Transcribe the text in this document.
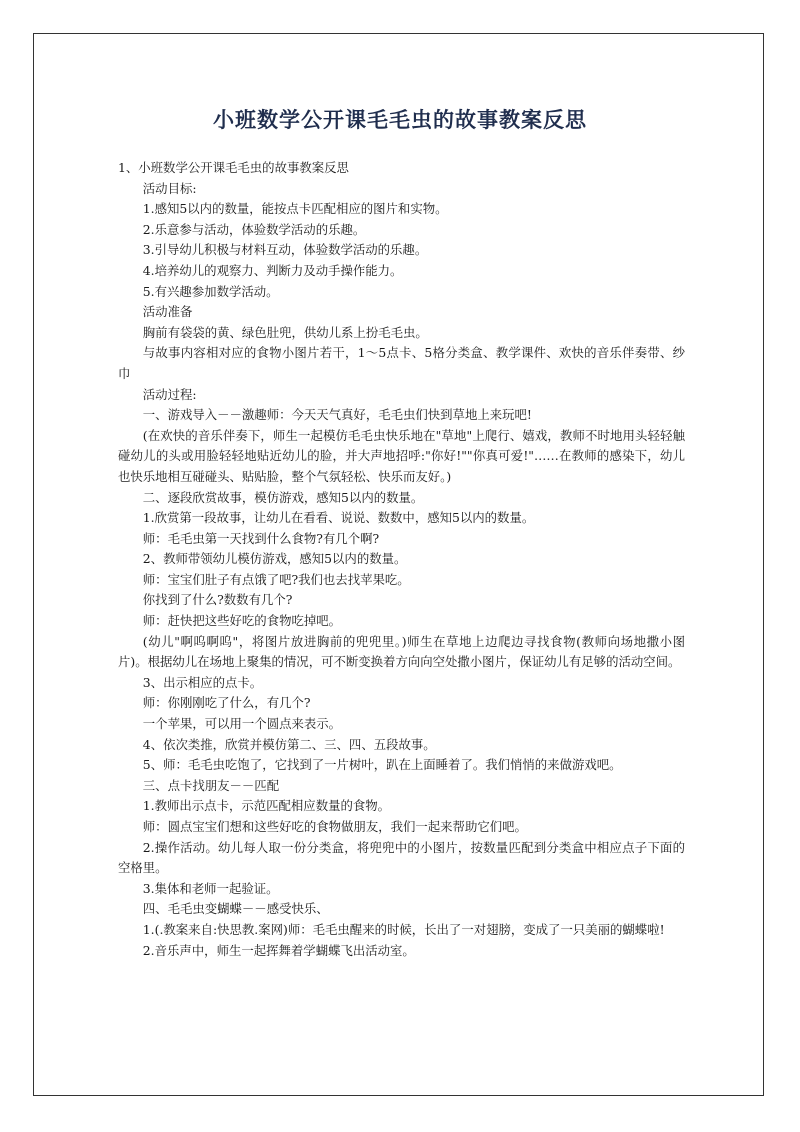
小班数学公开课毛毛虫的故事教案反思

1、小班数学公开课毛毛虫的故事教案反思

活动目标:

1.感知5以内的数量，能按点卡匹配相应的图片和实物。

2.乐意参与活动，体验数学活动的乐趣。

3.引导幼儿积极与材料互动，体验数学活动的乐趣。

4.培养幼儿的观察力、判断力及动手操作能力。

5.有兴趣参加数学活动。

活动准备

胸前有袋袋的黄、绿色肚兜，供幼儿系上扮毛毛虫。

与故事内容相对应的食物小图片若干，1～5点卡、5格分类盒、教学课件、欢快的音乐伴奏带、纱巾

活动过程:

一、游戏导入－－激趣师：今天天气真好，毛毛虫们快到草地上来玩吧!

(在欢快的音乐伴奏下，师生一起模仿毛毛虫快乐地在"草地"上爬行、嬉戏，教师不时地用头轻轻触碰幼儿的头或用脸轻轻地贴近幼儿的脸，并大声地招呼:"你好!""你真可爱!"……在教师的感染下，幼儿也快乐地相互碰碰头、贴贴脸，整个气氛轻松、快乐而友好。)

二、逐段欣赏故事，模仿游戏，感知5以内的数量。

1.欣赏第一段故事，让幼儿在看看、说说、数数中，感知5以内的数量。

师：毛毛虫第一天找到什么食物?有几个啊?

2、教师带领幼儿模仿游戏，感知5以内的数量。

师：宝宝们肚子有点饿了吧?我们也去找苹果吃。

你找到了什么?数数有几个?

师：赶快把这些好吃的食物吃掉吧。

(幼儿"啊呜啊呜"，将图片放进胸前的兜兜里。)师生在草地上边爬边寻找食物(教师向场地撒小图片)。根据幼儿在场地上聚集的情况，可不断变换着方向向空处撒小图片，保证幼儿有足够的活动空间。

3、出示相应的点卡。

师：你刚刚吃了什么，有几个?

一个苹果，可以用一个圆点来表示。

4、依次类推，欣赏并模仿第二、三、四、五段故事。

5、师：毛毛虫吃饱了，它找到了一片树叶，趴在上面睡着了。我们悄悄的来做游戏吧。

三、点卡找朋友－－匹配

1.教师出示点卡，示范匹配相应数量的食物。

师：圆点宝宝们想和这些好吃的食物做朋友，我们一起来帮助它们吧。

2.操作活动。幼儿每人取一份分类盒，将兜兜中的小图片，按数量匹配到分类盒中相应点子下面的空格里。

3.集体和老师一起验证。

四、毛毛虫变蝴蝶－－感受快乐、

1.(.教案来自:快思教.案网)师：毛毛虫醒来的时候，长出了一对翅膀，变成了一只美丽的蝴蝶啦!

2.音乐声中，师生一起挥舞着学蝴蝶飞出活动室。
